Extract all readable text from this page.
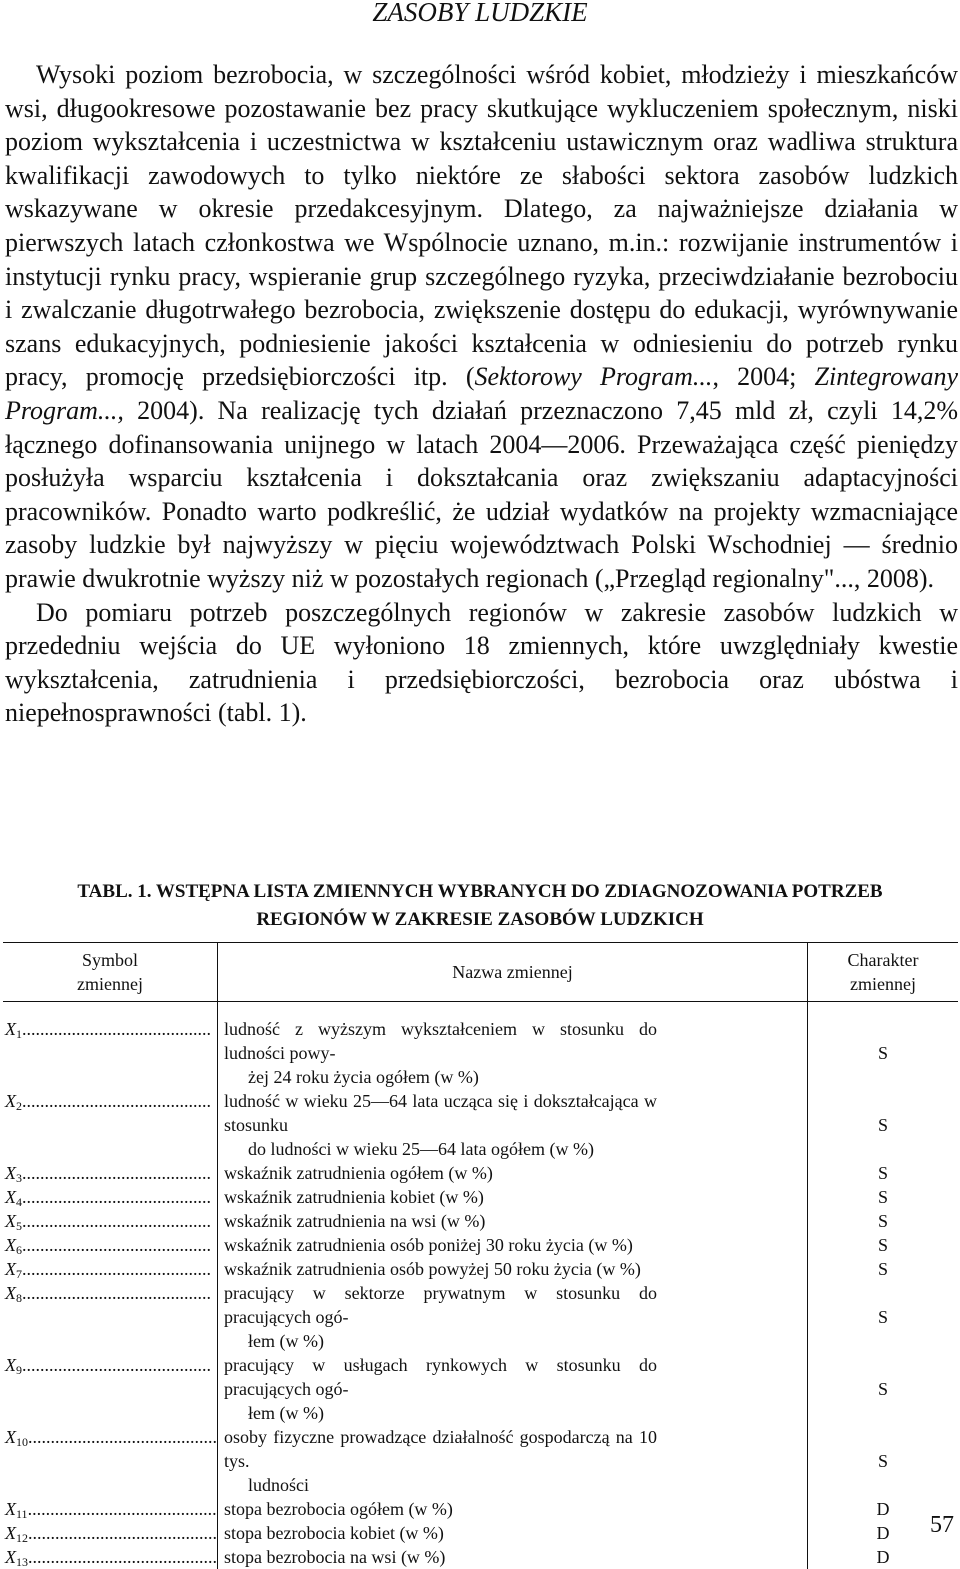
ZASOBY LUDZKIE

Wysoki poziom bezrobocia, w szczególności wśród kobiet, młodzieży i mieszkańców wsi, długookresowe pozostawanie bez pracy skutkujące wykluczeniem społecznym, niski poziom wykształcenia i uczestnictwa w kształceniu ustawicznym oraz wadliwa struktura kwalifikacji zawodowych to tylko niektóre ze słabości sektora zasobów ludzkich wskazywane w okresie przedakcesyjnym. Dlatego, za najważniejsze działania w pierwszych latach członkostwa we Wspólnocie uznano, m.in.: rozwijanie instrumentów i instytucji rynku pracy, wspieranie grup szczególnego ryzyka, przeciwdziałanie bezrobociu i zwalczanie długotrwałego bezrobocia, zwiększenie dostępu do edukacji, wyrównywanie szans edukacyjnych, podniesienie jakości kształcenia w odniesieniu do potrzeb rynku pracy, promocję przedsiębiorczości itp. (Sektorowy Program..., 2004; Zintegrowany Program..., 2004). Na realizację tych działań przeznaczono 7,45 mld zł, czyli 14,2% łącznego dofinansowania unijnego w latach 2004—2006. Przeważająca część pieniędzy posłużyła wsparciu kształcenia i dokształcania oraz zwiększaniu adaptacyjności pracowników. Ponadto warto podkreślić, że udział wydatków na projekty wzmacniające zasoby ludzkie był najwyższy w pięciu województwach Polski Wschodniej — średnio prawie dwukrotnie wyższy niż w pozostałych regionach („Przegląd regionalny"..., 2008).

Do pomiaru potrzeb poszczególnych regionów w zakresie zasobów ludzkich w przededniu wejścia do UE wyłoniono 18 zmiennych, które uwzględniały kwestie wykształcenia, zatrudnienia i przedsiębiorczości, bezrobocia oraz ubóstwa i niepełnosprawności (tabl. 1).

TABL. 1. WSTĘPNA LISTA ZMIENNYCH WYBRANYCH DO ZDIAGNOZOWANIA POTRZEB
REGIONÓW W ZAKRESIE ZASOBÓW LUDZKICH
Symbol
zmiennej	Nazwa zmiennej	Charakter
zmiennej

$X_1$..........................................	ludność z wyższym wykształceniem w stosunku do ludności powy-
żej 24 roku życia ogółem (w %)	S
$X_2$..........................................	ludność w wieku 25—64 lata ucząca się i dokształcająca w stosunku
do ludności w wieku 25—64 lata ogółem (w %)	S
$X_3$..........................................	wskaźnik zatrudnienia ogółem (w %)	S
$X_4$..........................................	wskaźnik zatrudnienia kobiet (w %)	S
$X_5$..........................................	wskaźnik zatrudnienia na wsi (w %)	S
$X_6$..........................................	wskaźnik zatrudnienia osób poniżej 30 roku życia (w %)	S
$X_7$..........................................	wskaźnik zatrudnienia osób powyżej 50 roku życia (w %)	S
$X_8$..........................................	pracujący w sektorze prywatnym w stosunku do pracujących ogó-
łem (w %)	S
$X_9$..........................................	pracujący w usługach rynkowych w stosunku do pracujących ogó-
łem (w %)	S
$X_{10}$..........................................	osoby fizyczne prowadzące działalność gospodarczą na 10 tys.
ludności	S
$X_{11}$..........................................	stopa bezrobocia ogółem (w %)	D
$X_{12}$..........................................	stopa bezrobocia kobiet (w %)	D
$X_{13}$..........................................	stopa bezrobocia na wsi (w %)	D
57
